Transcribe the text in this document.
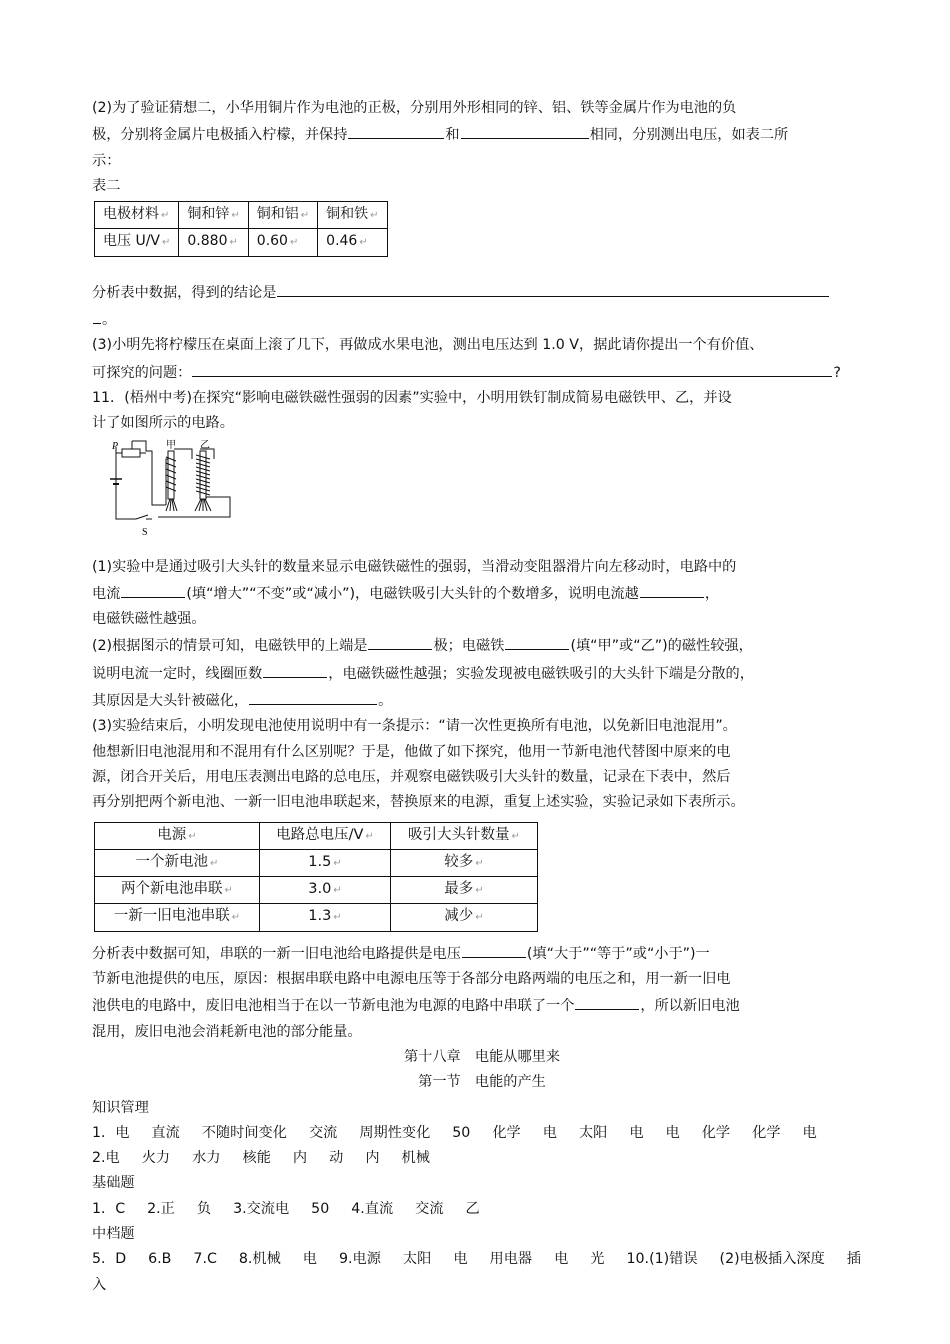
(2)为了验证猜想二，小华用铜片作为电池的正极，分别用外形相同的锌、铝、铁等金属片作为电池的负

极，分别将金属片电极插入柠檬，并保持	和	相同，分别测出电压，如表二所

示：

表二

电极材料 ↵	铜和锌 ↵	铜和铝 ↵	铜和铁 ↵
电压 U/V ↵	0.880 ↵	0.60 ↵	0.46 ↵

分析表中数据，得到的结论是

。

(3)小明先将柠檬压在桌面上滚了几下，再做成水果电池，测出电压达到 1.0 V，据此请你提出一个有价值、

可探究的问题：	?

11．(梧州中考)在探究“影响电磁铁磁性强弱的因素”实验中，小明用铁钉制成简易电磁铁甲、乙，并设

计了如图所示的电路。

P	甲 乙
S

(1)实验中是通过吸引大头针的数量来显示电磁铁磁性的强弱，当滑动变阻器滑片向左移动时，电路中的

电流	(填“增大”“不变”或“减小”)，电磁铁吸引大头针的个数增多，说明电流越	，

电磁铁磁性越强。

(2)根据图示的情景可知，电磁铁甲的上端是	极；电磁铁	(填“甲”或“乙”)的磁性较强，

说明电流一定时，线圈匝数	，电磁铁磁性越强；实验发现被电磁铁吸引的大头针下端是分散的，

其原因是大头针被磁化，	。

(3)实验结束后，小明发现电池使用说明中有一条提示：“请一次性更换所有电池，以免新旧电池混用”。

他想新旧电池混用和不混用有什么区别呢？于是，他做了如下探究，他用一节新电池代替图中原来的电

源，闭合开关后，用电压表测出电路的总电压，并观察电磁铁吸引大头针的数量，记录在下表中，然后

再分别把两个新电池、一新一旧电池串联起来，替换原来的电源，重复上述实验，实验记录如下表所示。

电源 ↵	电路总电压/V ↵	吸引大头针数量 ↵
一个新电池 ↵	1.5 ↵	较多 ↵
两个新电池串联 ↵	3.0 ↵	最多 ↵
一新一旧电池串联 ↵	1.3 ↵	减少 ↵

分析表中数据可知，串联的一新一旧电池给电路提供是电压	(填“大于”“等于”或“小于”)一

节新电池提供的电压，原因：根据串联电路中电源电压等于各部分电路两端的电压之和，用一新一旧电

池供电的电路中，废旧电池相当于在以一节新电池为电源的电路中串联了一个	，所以新旧电池

混用，废旧电池会消耗新电池的部分能量。

第十八章　电能从哪里来

第一节　电能的产生

知识管理

1．电 直流 不随时间变化 交流 周期性变化 50 化学 电 太阳 电 电 化学 化学 电

2.电 火力 水力 核能 内 动 内 机械

基础题

1．C 2.正 负 3.交流电 50 4.直流 交流 乙

中档题

5．D 6.B 7.C 8.机械 电 9.电源 太阳 电 用电器 电 光 10.(1)错误 (2)电极插入深度 插入
